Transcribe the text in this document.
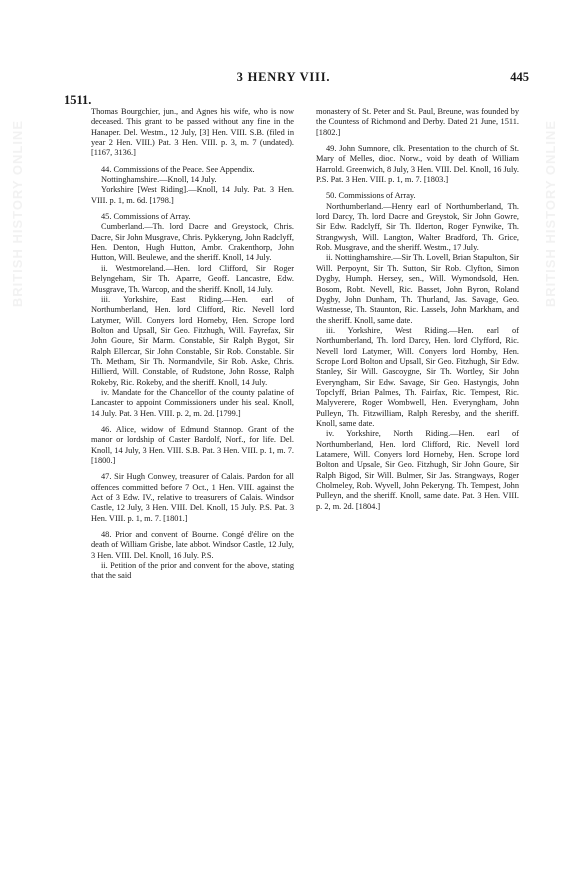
BRITISH HISTORY ONLINE	BRITISH HISTORY ONLINE
3 HENRY VIII.	445
1511.

Thomas Bourgchier, jun., and Agnes his wife, who is now deceased. This grant to be passed without any fine in the Hanaper. Del. Westm., 12 July, [3] Hen. VIII. S.B. (filed in year 2 Hen. VIII.) Pat. 3 Hen. VIII. p. 3, m. 7 (undated). [1167, 3136.]

44. Commissions of the Peace. See Appendix.

Nottinghamshire.—Knoll, 14 July.

Yorkshire [West Riding].—Knoll, 14 July. Pat. 3 Hen. VIII. p. 1, m. 6d. [1798.]

45. Commissions of Array.

Cumberland.—Th. lord Dacre and Greystock, Chris. Dacre, Sir John Musgrave, Chris. Pykkeryng, John Radclyff, Hen. Denton, Hugh Hutton, Ambr. Crakenthorp, John Hutton, Will. Beulewe, and the sheriff. Knoll, 14 July.

ii. Westmoreland.—Hen. lord Clifford, Sir Roger Belyngeham, Sir Th. Aparre, Geoff. Lancastre, Edw. Musgrave, Th. Warcop, and the sheriff. Knoll, 14 July.

iii. Yorkshire, East Riding.—Hen. earl of Northumberland, Hen. lord Clifford, Ric. Nevell lord Latymer, Will. Conyers lord Horneby, Hen. Scrope lord Bolton and Upsall, Sir Geo. Fitzhugh, Will. Fayrefax, Sir John Goure, Sir Marm. Constable, Sir Ralph Bygot, Sir Ralph Ellercar, Sir John Constable, Sir Rob. Constable. Sir Th. Metham, Sir Th. Normandvile, Sir Rob. Aske, Chris. Hillierd, Will. Constable, of Rudstone, John Rosse, Ralph Rokeby, Ric. Rokeby, and the sheriff. Knoll, 14 July.

iv. Mandate for the Chancellor of the county palatine of Lancaster to appoint Commissioners under his seal. Knoll, 14 July. Pat. 3 Hen. VIII. p. 2, m. 2d. [1799.]

46. Alice, widow of Edmund Stannop. Grant of the manor or lordship of Caster Bardolf, Norf., for life. Del. Knoll, 14 July, 3 Hen. VIII. S.B. Pat. 3 Hen. VIII. p. 1, m. 7. [1800.]

47. Sir Hugh Conwey, treasurer of Calais. Pardon for all offences committed before 7 Oct., 1 Hen. VIII. against the Act of 3 Edw. IV., relative to treasurers of Calais. Windsor Castle, 12 July, 3 Hen. VIII. Del. Knoll, 15 July. P.S. Pat. 3 Hen. VIII. p. 1, m. 7. [1801.]

48. Prior and convent of Bourne. Congé d'élire on the death of William Grisbe, late abbot. Windsor Castle, 12 July, 3 Hen. VIII. Del. Knoll, 16 July. P.S.

ii. Petition of the prior and convent for the above, stating that the said

monastery of St. Peter and St. Paul, Breune, was founded by the Countess of Richmond and Derby. Dated 21 June, 1511. [1802.]

49. John Sumnore, clk. Presentation to the church of St. Mary of Melles, dioc. Norw., void by death of William Harrold. Greenwich, 8 July, 3 Hen. VIII. Del. Knoll, 16 July. P.S. Pat. 3 Hen. VIII. p. 1, m. 7. [1803.]

50. Commissions of Array.

Northumberland.—Henry earl of Northumberland, Th. lord Darcy, Th. lord Dacre and Greystok, Sir John Gowre, Sir Edw. Radclyff, Sir Th. Ilderton, Roger Fynwike, Th. Strangwysh, Will. Langton, Walter Bradford, Th. Grice, Rob. Musgrave, and the sheriff. Westm., 17 July.

ii. Nottinghamshire.—Sir Th. Lovell, Brian Stapulton, Sir Will. Perpoynt, Sir Th. Sutton, Sir Rob. Clyfton, Simon Dygby, Humph. Hersey, sen., Will. Wymondsold, Hen. Bosom, Robt. Nevell, Ric. Basset, John Byron, Roland Dygby, John Dunham, Th. Thurland, Jas. Savage, Geo. Wastnesse, Th. Staunton, Ric. Lassels, John Markham, and the sheriff. Knoll, same date.

iii. Yorkshire, West Riding.—Hen. earl of Northumberland, Th. lord Darcy, Hen. lord Clyfford, Ric. Nevell lord Latymer, Will. Conyers lord Hornby, Hen. Scrope Lord Bolton and Upsall, Sir Geo. Fitzhugh, Sir Edw. Stanley, Sir Will. Gascoygne, Sir Th. Wortley, Sir John Everyngham, Sir Edw. Savage, Sir Geo. Hastyngis, John Topclyff, Brian Palmes, Th. Fairfax, Ric. Tempest, Ric. Malyverere, Roger Wombwell, Hen. Everyngham, John Pulleyn, Th. Fitzwilliam, Ralph Reresby, and the sheriff. Knoll, same date.

iv. Yorkshire, North Riding.—Hen. earl of Northumberland, Hen. lord Clifford, Ric. Nevell lord Latamere, Will. Conyers lord Horneby, Hen. Scrope lord Bolton and Upsale, Sir Geo. Fitzhugh, Sir John Goure, Sir Ralph Bigod, Sir Will. Bulmer, Sir Jas. Strangways, Roger Cholmeley, Rob. Wyvell, John Pekeryng. Th. Tempest, John Pulleyn, and the sheriff. Knoll, same date. Pat. 3 Hen. VIII. p. 2, m. 2d. [1804.]
